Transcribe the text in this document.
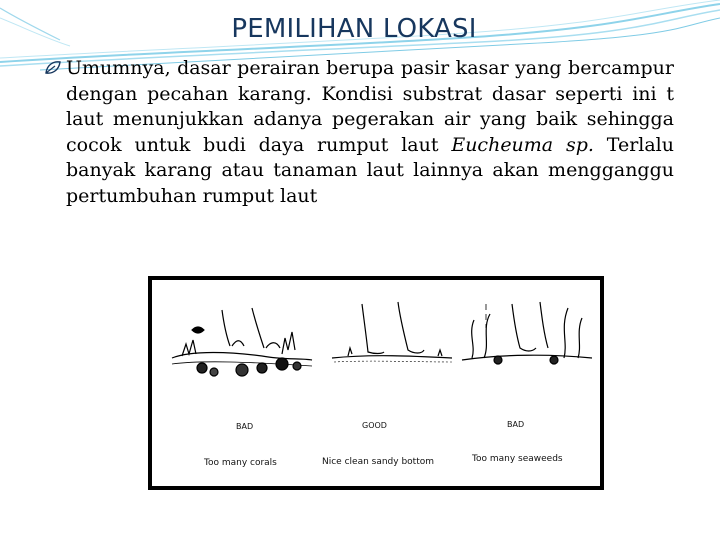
PEMILIHAN LOKASI

Umumnya, dasar perairan berupa pasir kasar yang bercampur dengan pecahan karang. Kondisi substrat dasar seperti ini t laut menunjukkan adanya pegerakan air yang baik sehingga cocok untuk budi daya rumput laut Eucheuma sp. Terlalu banyak karang atau tanaman laut lainnya akan mengganggu pertumbuhan rumput laut

BAD	GOOD	BAD
Too many corals	Nice clean sandy bottom	Too many seaweeds
